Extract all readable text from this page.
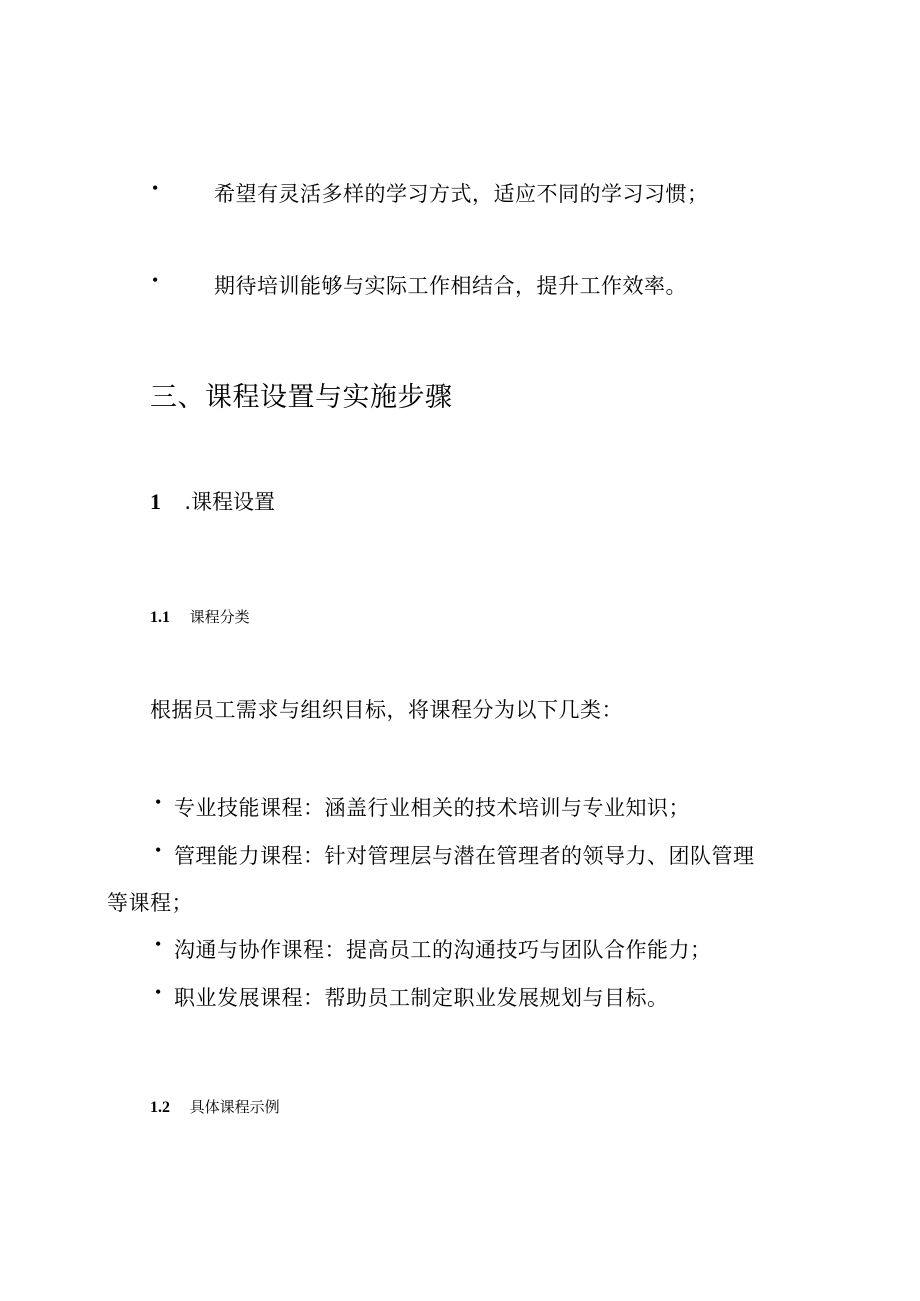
•	希望有灵活多样的学习方式，适应不同的学习习惯；
•	期待培训能够与实际工作相结合，提升工作效率。
三、课程设置与实施步骤
1 .课程设置
1.1 课程分类
根据员工需求与组织目标，将课程分为以下几类：
• 专业技能课程：涵盖行业相关的技术培训与专业知识；
• 管理能力课程：针对管理层与潜在管理者的领导力、团队管理
等课程；
• 沟通与协作课程：提高员工的沟通技巧与团队合作能力；
• 职业发展课程：帮助员工制定职业发展规划与目标。
1.2 具体课程示例
